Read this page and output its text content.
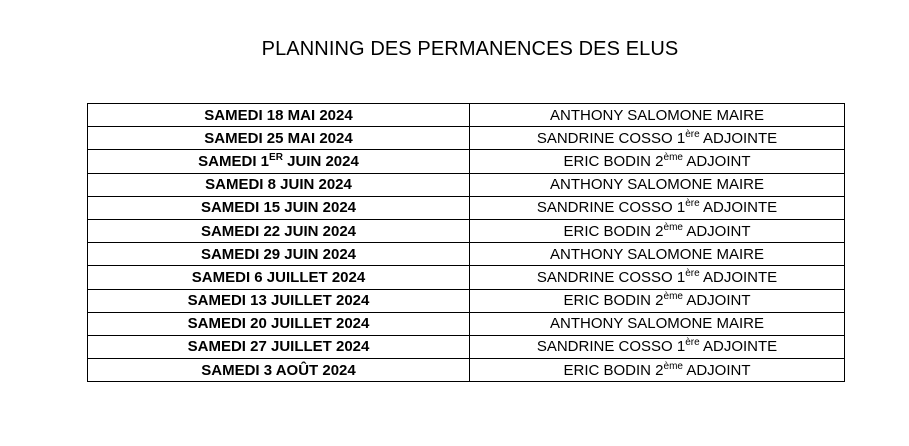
PLANNING DES PERMANENCES DES ELUS
SAMEDI 18 MAI 2024	ANTHONY SALOMONE MAIRE
SAMEDI 25 MAI 2024	SANDRINE COSSO 1ère ADJOINTE
SAMEDI 1ER JUIN 2024	ERIC BODIN 2ème ADJOINT
SAMEDI 8 JUIN 2024	ANTHONY SALOMONE MAIRE
SAMEDI 15 JUIN 2024	SANDRINE COSSO 1ère ADJOINTE
SAMEDI 22 JUIN 2024	ERIC BODIN 2ème ADJOINT
SAMEDI 29 JUIN 2024	ANTHONY SALOMONE MAIRE
SAMEDI 6 JUILLET 2024	SANDRINE COSSO 1ère ADJOINTE
SAMEDI 13 JUILLET 2024	ERIC BODIN 2ème ADJOINT
SAMEDI 20 JUILLET 2024	ANTHONY SALOMONE MAIRE
SAMEDI 27 JUILLET 2024	SANDRINE COSSO 1ère ADJOINTE
SAMEDI 3 AOÛT 2024	ERIC BODIN 2ème ADJOINT
